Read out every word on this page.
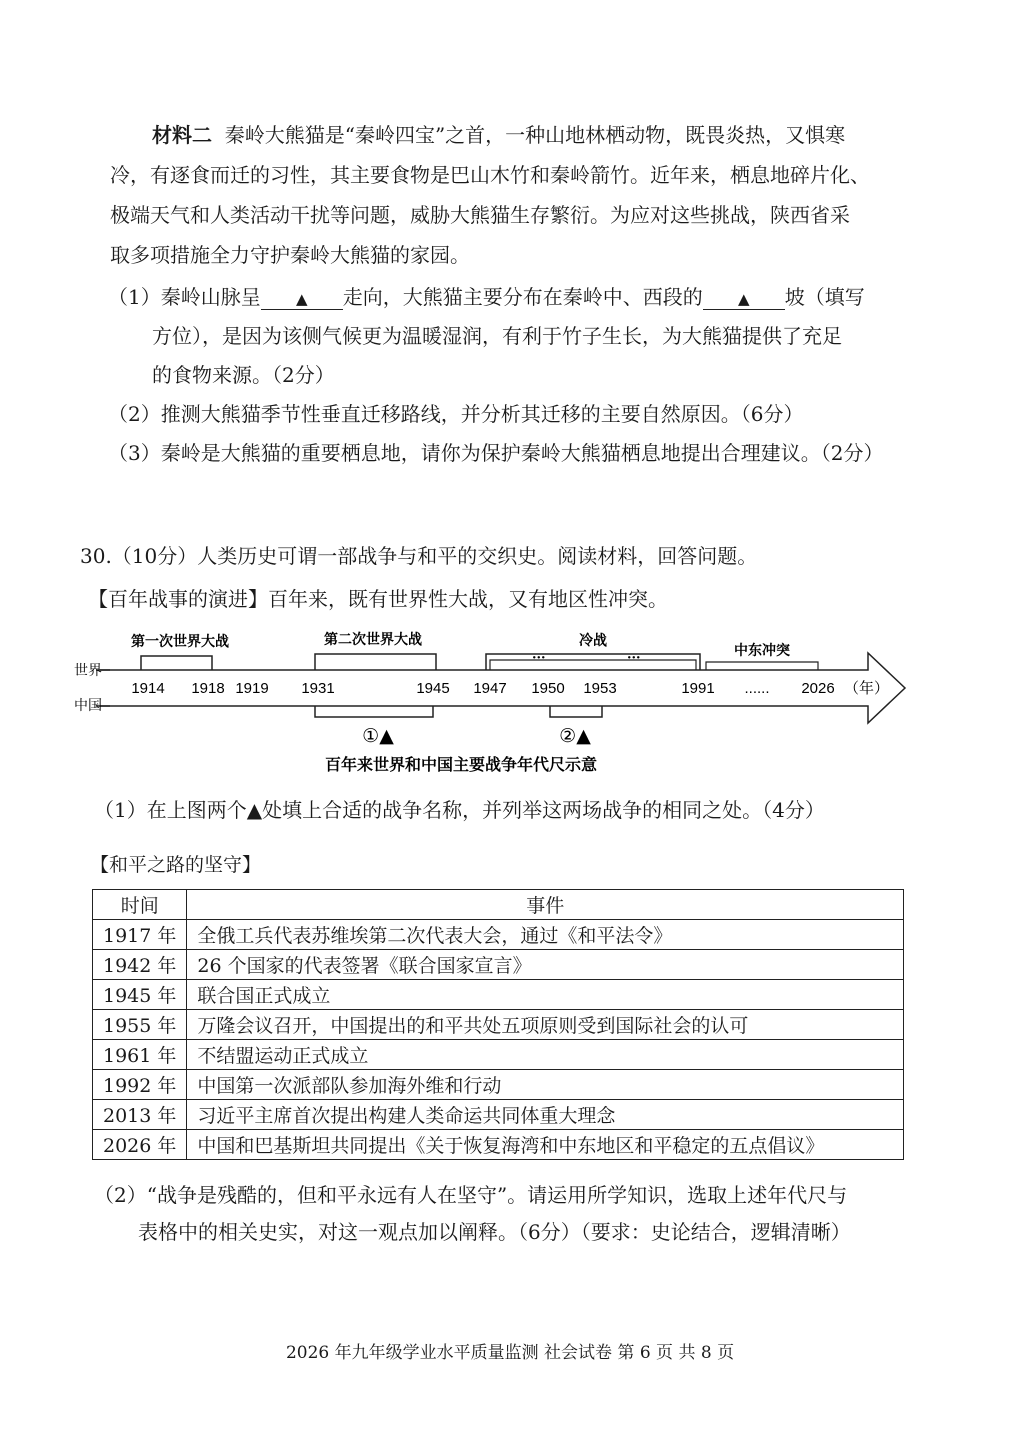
材料二 秦岭大熊猫是“秦岭四宝”之首，一种山地林栖动物，既畏炎热，又惧寒
冷，有逐食而迁的习性，其主要食物是巴山木竹和秦岭箭竹。近年来，栖息地碎片化、
极端天气和人类活动干扰等问题，威胁大熊猫生存繁衍。为应对这些挑战，陕西省采
取多项措施全力守护秦岭大熊猫的家园。
（1）秦岭山脉呈 ▲ 走向，大熊猫主要分布在秦岭中、西段的 ▲ 坡（填写
方位），是因为该侧气候更为温暖湿润，有利于竹子生长，为大熊猫提供了充足
的食物来源。（2分）
（2）推测大熊猫季节性垂直迁移路线，并分析其迁移的主要自然原因。（6分）
（3）秦岭是大熊猫的重要栖息地，请你为保护秦岭大熊猫栖息地提出合理建议。（2分）
30.（10分）人类历史可谓一部战争与和平的交织史。阅读材料，回答问题。
【百年战事的演进】百年来，既有世界性大战，又有地区性冲突。
世界
中国
第一次世界大战	第二次世界大战
···	···
冷战
中东冲突
1914 1918 1919 1931	1945 1947 1950 1953	1991 ...... 2026 （年）
①▲	②▲
百年来世界和中国主要战争年代尺示意
（1）在上图两个▲处填上合适的战争名称，并列举这两场战争的相同之处。（4分）
【和平之路的坚守】
时间	事件
1917 年	全俄工兵代表苏维埃第二次代表大会，通过《和平法令》
1942 年	26 个国家的代表签署《联合国家宣言》
1945 年	联合国正式成立
1955 年	万隆会议召开，中国提出的和平共处五项原则受到国际社会的认可
1961 年	不结盟运动正式成立
1992 年	中国第一次派部队参加海外维和行动
2013 年	习近平主席首次提出构建人类命运共同体重大理念
2026 年	中国和巴基斯坦共同提出《关于恢复海湾和中东地区和平稳定的五点倡议》
（2）“战争是残酷的，但和平永远有人在坚守”。请运用所学知识，选取上述年代尺与
表格中的相关史实，对这一观点加以阐释。（6分）（要求：史论结合，逻辑清晰）
2026 年九年级学业水平质量监测 社会试卷 第 6 页 共 8 页
